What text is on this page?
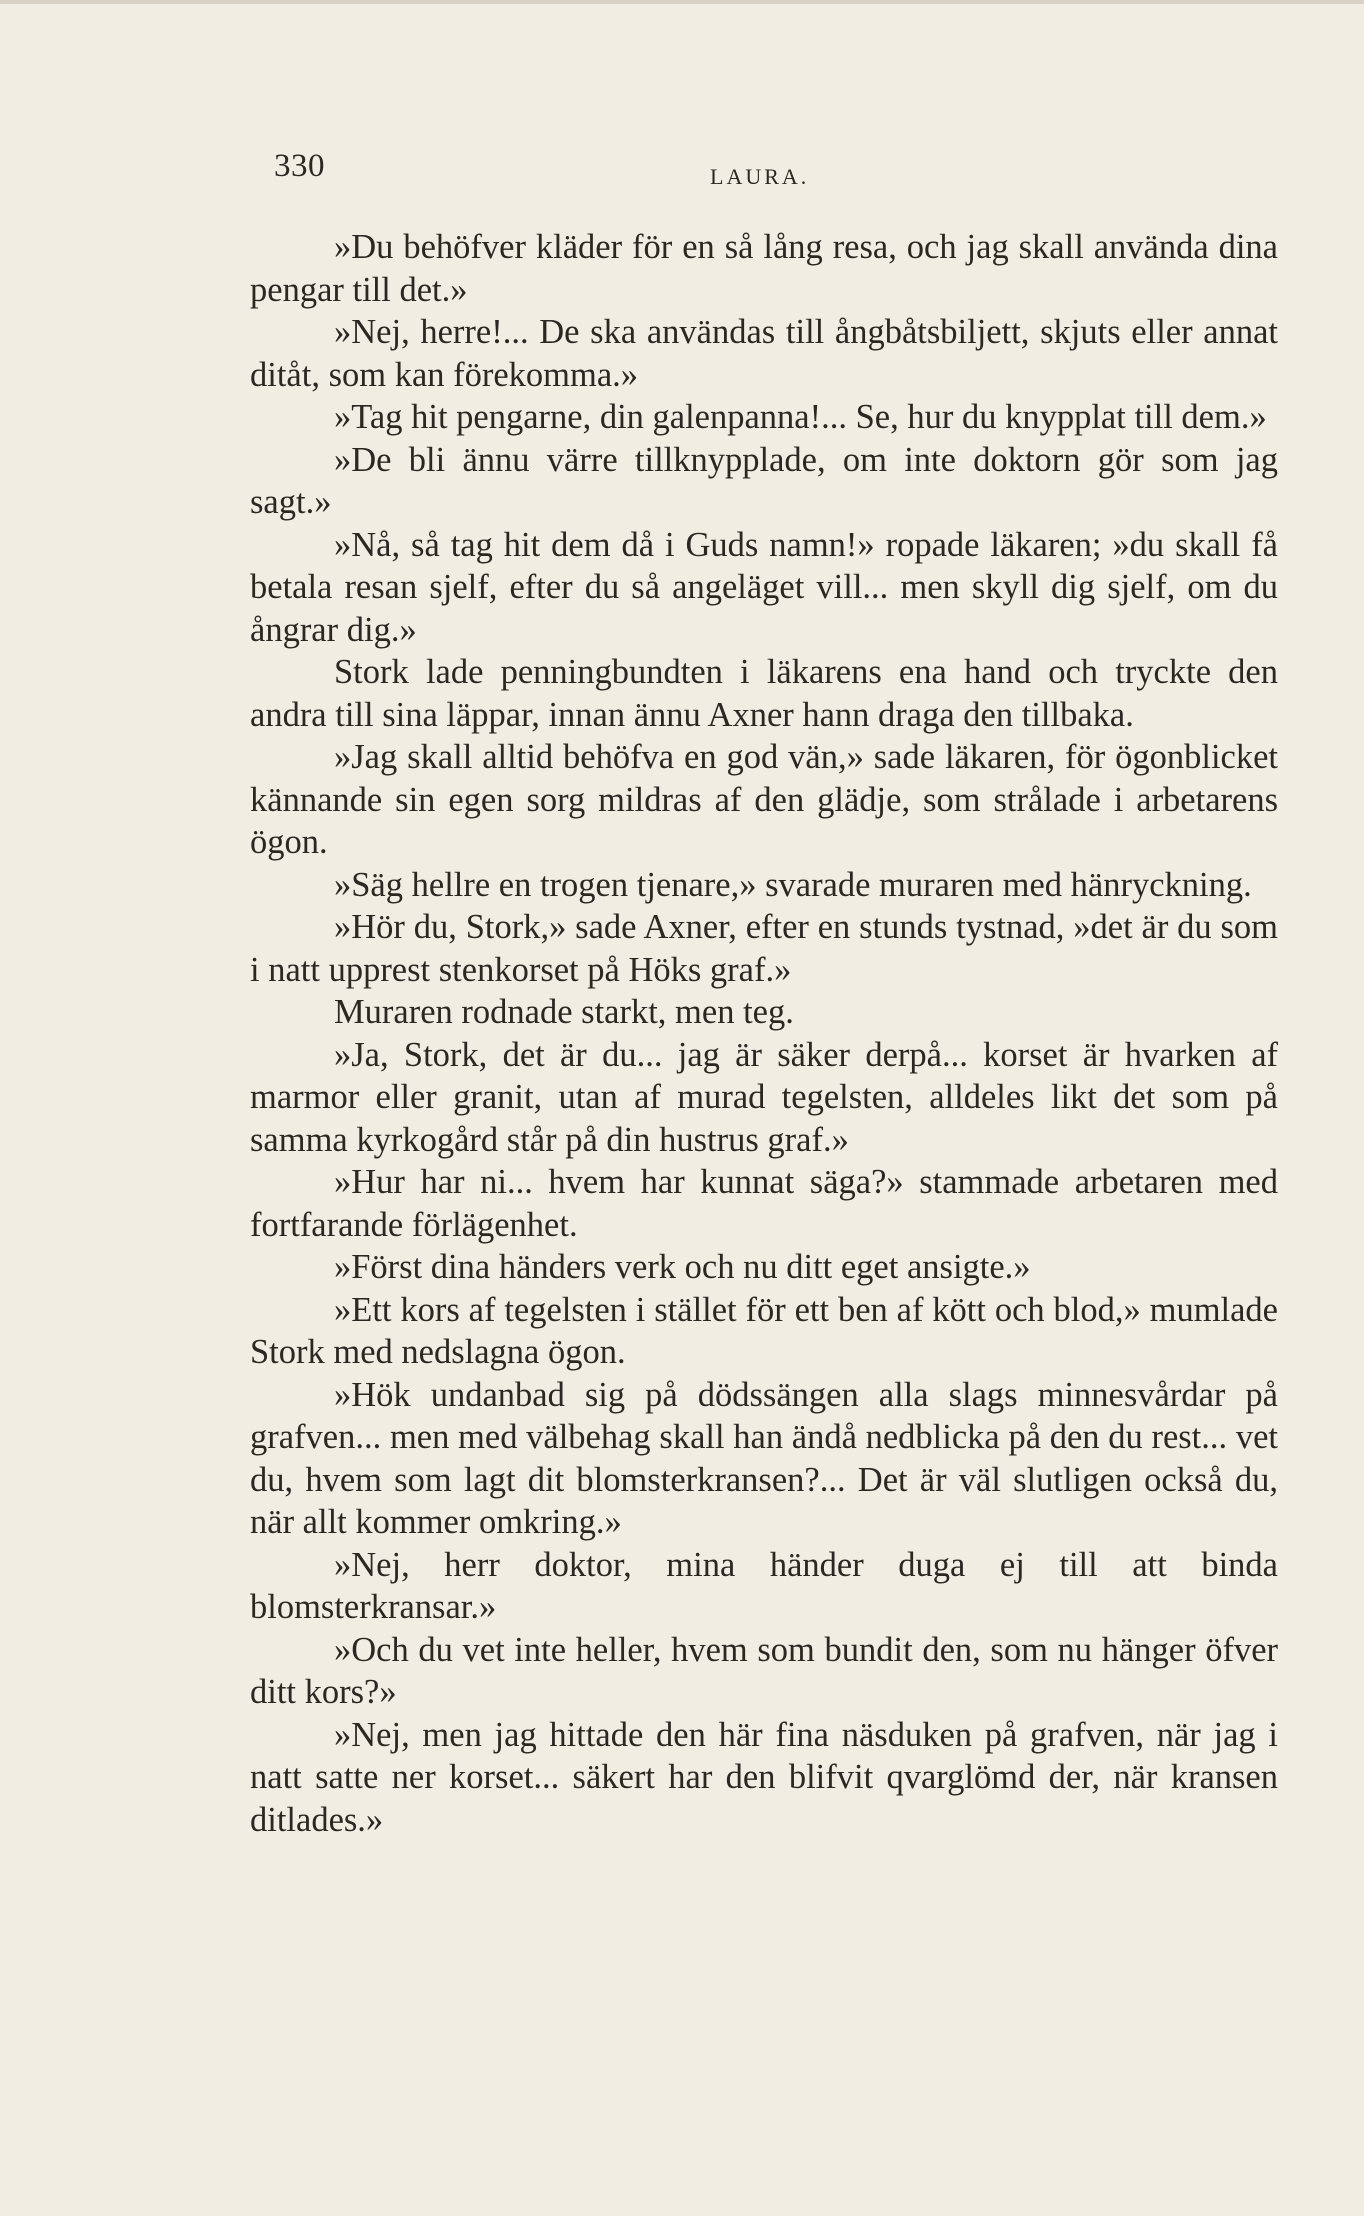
330	LAURA.

»Du behöfver kläder för en så lång resa, och jag skall använda dina pengar till det.»

»Nej, herre!... De ska användas till ångbåtsbiljett, skjuts eller annat ditåt, som kan förekomma.»

»Tag hit pengarne, din galenpanna!... Se, hur du knypplat till dem.»

»De bli ännu värre tillknypplade, om inte doktorn gör som jag sagt.»

»Nå, så tag hit dem då i Guds namn!» ropade läkaren; »du skall få betala resan sjelf, efter du så angeläget vill... men skyll dig sjelf, om du ångrar dig.»

Stork lade penningbundten i läkarens ena hand och tryckte den andra till sina läppar, innan ännu Axner hann draga den tillbaka.

»Jag skall alltid behöfva en god vän,» sade läkaren, för ögonblicket kännande sin egen sorg mildras af den glädje, som strålade i arbetarens ögon.

»Säg hellre en trogen tjenare,» svarade muraren med hänryckning.

»Hör du, Stork,» sade Axner, efter en stunds tystnad, »det är du som i natt upprest stenkorset på Höks graf.»

Muraren rodnade starkt, men teg.

»Ja, Stork, det är du... jag är säker derpå... korset är hvarken af marmor eller granit, utan af murad tegelsten, alldeles likt det som på samma kyrkogård står på din hustrus graf.»

»Hur har ni... hvem har kunnat säga?» stammade arbetaren med fortfarande förlägenhet.

»Först dina händers verk och nu ditt eget ansigte.»

»Ett kors af tegelsten i stället för ett ben af kött och blod,» mumlade Stork med nedslagna ögon.

»Hök undanbad sig på dödssängen alla slags minnesvårdar på grafven... men med välbehag skall han ändå nedblicka på den du rest... vet du, hvem som lagt dit blomsterkransen?... Det är väl slutligen också du, när allt kommer omkring.»

»Nej, herr doktor, mina händer duga ej till att binda blomsterkransar.»

»Och du vet inte heller, hvem som bundit den, som nu hänger öfver ditt kors?»

»Nej, men jag hittade den här fina näsduken på grafven, när jag i natt satte ner korset... säkert har den blifvit qvarglömd der, när kransen ditlades.»
